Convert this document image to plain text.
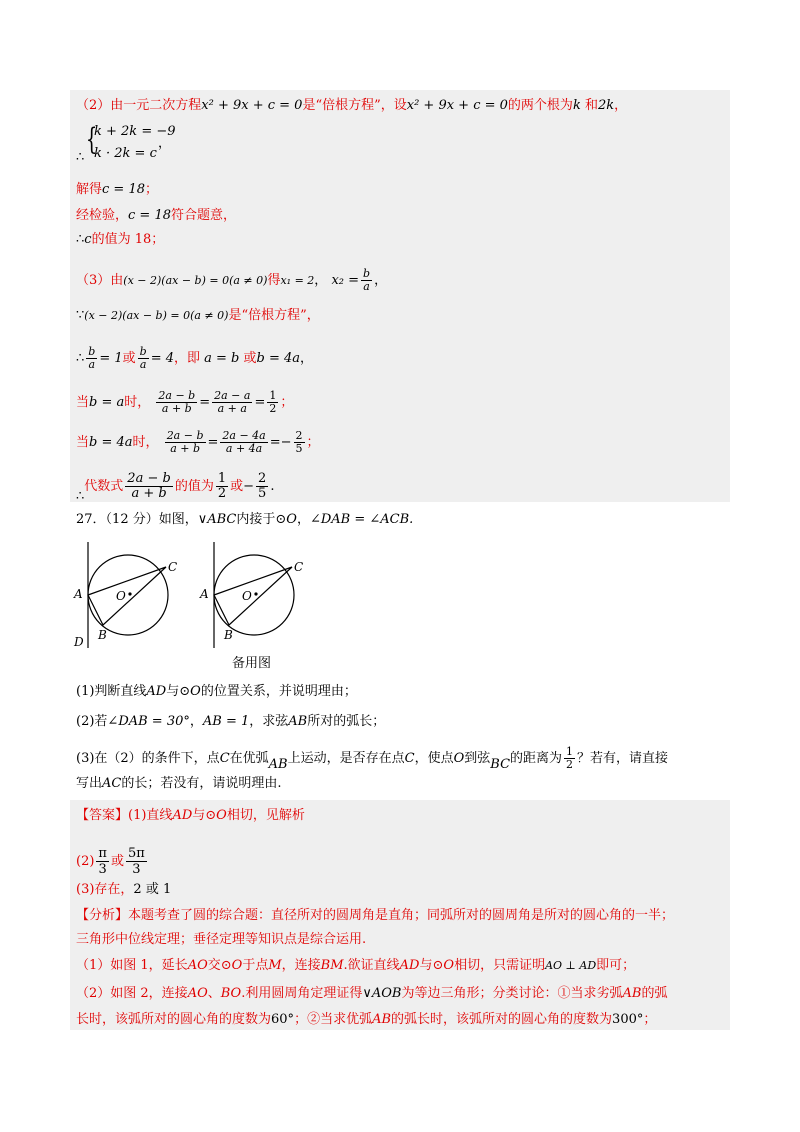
（2）由一元二次方程x² + 9x + c = 0是“倍根方程”，设x² + 9x + c = 0的两个根为k 和2k，
∴
{
k + 2k = −9
k · 2k = c
，
解得c = 18；
经检验，c = 18符合题意，
∴c的值为 18；
（3）由(x − 2)(ax − b) = 0(a ≠ 0)得x₁ = 2， $x_2 = \frac{b}{a}$ ，
∵(x − 2)(ax − b) = 0(a ≠ 0)是“倍根方程”，
∴ $\frac{b}{a} = 1$或 $\frac{b}{a} = 4$，即 a = b 或b = 4a，
当b = a时， $\frac{2a - b}{a + b} = \frac{2a - a}{a + a} = \frac{1}{2}$ ；
当b = 4a时， $\frac{2a - b}{a + b} = \frac{2a - 4a}{a + 4a} =- \frac{2}{5}$ ；
∴代数式 $\frac{2a - b}{a + b}$ 的值为 $\frac{1}{2}$ 或− $\frac{2}{5}$ .
27．（12 分）如图，∨ABC内接于⊙O，∠DAB = ∠ACB.
O
A
B
C
D
O
A
B
C
备用图
(1)判断直线AD与⊙O的位置关系，并说明理由；
(2)若∠DAB = 30°，AB = 1，求弦AB所对的弧长；
(3)在（2）的条件下，点C在优弧AB上运动，是否存在点C，使点O到弦BC的距离为 $\frac{1}{2}$ ？若有，请直接
写出AC的长；若没有，请说明理由.
【答案】(1)直线AD与⊙O相切，见解析
$(2) \frac{\pi}{3}$ 或 $\frac{5\pi}{3}$
(3)存在，2 或 1
【分析】本题考查了圆的综合题：直径所对的圆周角是直角；同弧所对的圆周角是所对的圆心角的一半；
三角形中位线定理；垂径定理等知识点是综合运用.
（1）如图 1，延长AO交⊙O于点M，连接BM.欲证直线AD与⊙O相切，只需证明AO ⊥ AD即可；
（2）如图 2，连接AO、BO.利用圆周角定理证得∨AOB为等边三角形；分类讨论：①当求劣弧AB的弧
长时，该弧所对的圆心角的度数为60°；②当求优弧AB的弧长时，该弧所对的圆心角的度数为300°；
